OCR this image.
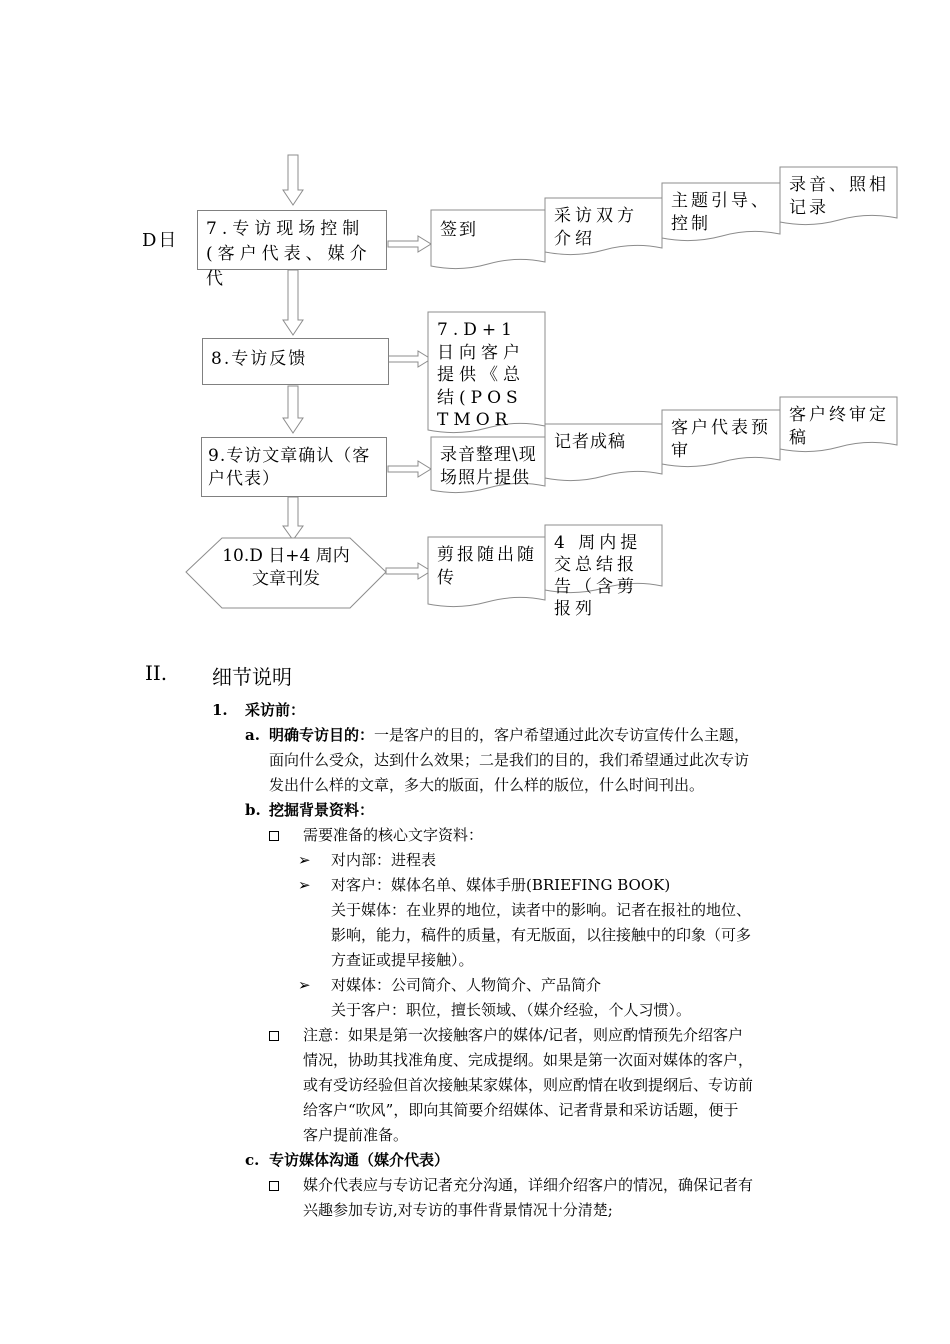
D日
7.专访现场控制(客户代表、媒介代
签到
采访双方介绍
主题引导、控制
录音、照相记录
8.专访反馈
7.D+1 日向客户提供《总结(POSTMOR
9.专访文章确认（客户代表）
录音整理\现场照片提供
记者成稿
客户代表预审
客户终审定稿
10.D 日+4 周内文章刊发
剪报随出随传
4 周内提交总结报告（含剪报列
II. 细节说明
1. 采访前：
a. 明确专访目的：一是客户的目的，客户希望通过此次专访宣传什么主题，
面向什么受众，达到什么效果；二是我们的目的，我们希望通过此次专访
发出什么样的文章，多大的版面，什么样的版位，什么时间刊出。
b. 挖掘背景资料：
需要准备的核心文字资料：
➢ 对内部：进程表
➢ 对客户：媒体名单、媒体手册(BRIEFING BOOK)
关于媒体：在业界的地位，读者中的影响。记者在报社的地位、
影响，能力，稿件的质量，有无版面，以往接触中的印象（可多
方查证或提早接触）。
➢ 对媒体：公司简介、人物简介、产品简介
关于客户：职位，擅长领域、（媒介经验，个人习惯）。
注意：如果是第一次接触客户的媒体/记者，则应酌情预先介绍客户
情况，协助其找准角度、完成提纲。如果是第一次面对媒体的客户，
或有受访经验但首次接触某家媒体，则应酌情在收到提纲后、专访前
给客户“吹风”，即向其简要介绍媒体、记者背景和采访话题，便于
客户提前准备。
c. 专访媒体沟通（媒介代表）
媒介代表应与专访记者充分沟通，详细介绍客户的情况，确保记者有
兴趣参加专访,对专访的事件背景情况十分清楚;
